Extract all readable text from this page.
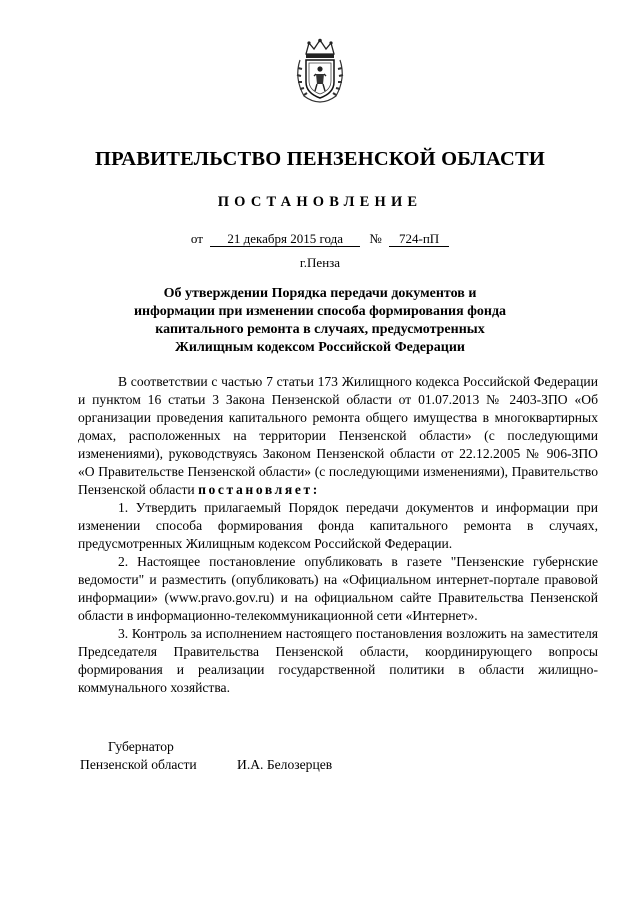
ПРАВИТЕЛЬСТВО ПЕНЗЕНСКОЙ ОБЛАСТИ
ПОСТАНОВЛЕНИЕ
от 21 декабря 2015 года № 724-пП
г.Пенза
Об утверждении Порядка передачи документов и
информации при изменении способа формирования фонда
капитального ремонта в случаях, предусмотренных
Жилищным кодексом Российской Федерации

В соответствии с частью 7 статьи 173 Жилищного кодекса Российской Федерации и пунктом 16 статьи 3 Закона Пензенской области от 01.07.2013 № 2403-ЗПО «Об организации проведения капитального ремонта общего имущества в многоквартирных домах, расположенных на территории Пензенской области» (с последующими изменениями), руководствуясь Законом Пензенской области от 22.12.2005 № 906-ЗПО «О Правительстве Пензенской области» (с последующими изменениями), Правительство Пензенской области постановляет:

1. Утвердить прилагаемый Порядок передачи документов и информации при изменении способа формирования фонда капитального ремонта в случаях, предусмотренных Жилищным кодексом Российской Федерации.

2. Настоящее постановление опубликовать в газете "Пензенские губернские ведомости" и разместить (опубликовать) на «Официальном интернет-портале правовой информации» (www.pravo.gov.ru) и на официальном сайте Правительства Пензенской области в информационно-телекоммуникационной сети «Интернет».

3. Контроль за исполнением настоящего постановления возложить на заместителя Председателя Правительства Пензенской области, координирующего вопросы формирования и реализации государственной политики в области жилищно-коммунального хозяйства.

Губернатор
Пензенской области	И.А. Белозерцев
